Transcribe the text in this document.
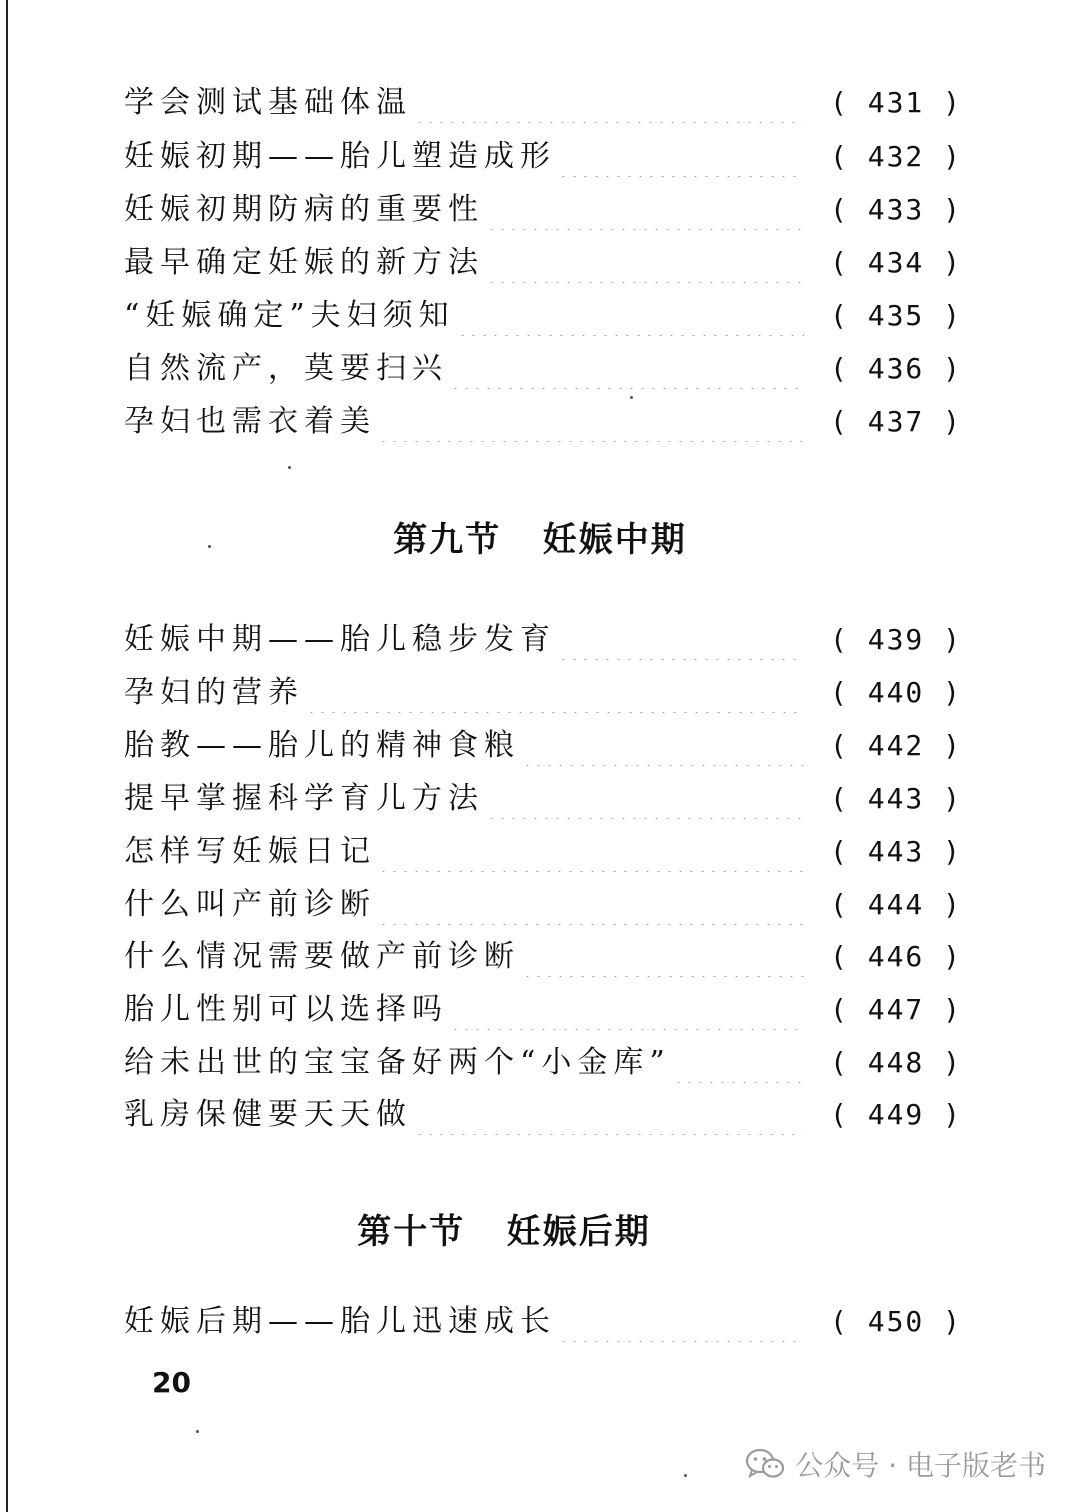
学会测试基础体温	( 431 )
妊娠初期——胎儿塑造成形	( 432 )
妊娠初期防病的重要性	( 433 )
最早确定妊娠的新方法	( 434 )
“妊娠确定”夫妇须知	( 435 )
自然流产，莫要扫兴	( 436 )
孕妇也需衣着美	( 437 )
第九节   妊娠中期
妊娠中期——胎儿稳步发育	( 439 )
孕妇的营养	( 440 )
胎教——胎儿的精神食粮	( 442 )
提早掌握科学育儿方法	( 443 )
怎样写妊娠日记	( 443 )
什么叫产前诊断	( 444 )
什么情况需要做产前诊断	( 446 )
胎儿性别可以选择吗	( 447 )
给未出世的宝宝备好两个“小金库”	( 448 )
乳房保健要天天做	( 449 )
第十节   妊娠后期
妊娠后期——胎儿迅速成长	( 450 )
20
公众号 · 电子版老书
